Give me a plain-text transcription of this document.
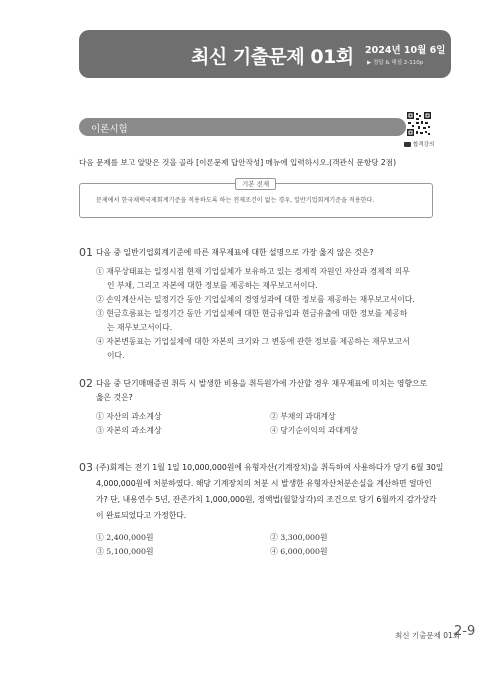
최신 기출문제 01회 2024년 10월 6일
▶ 정답 & 해설 2-110p
이론시험
합격강의
다음 문제를 보고 알맞은 것을 골라 [이론문제 답안작성] 메뉴에 입력하시오.(객관식 문항당 2점)
기본 전제
문제에서 한국채택국제회계기준을 적용하도록 하는 전제조건이 없는 경우, 일반기업회계기준을 적용한다.
01 다음 중 일반기업회계기준에 따른 재무제표에 대한 설명으로 가장 옳지 않은 것은?
① 재무상태표는 일정시점 현재 기업실체가 보유하고 있는 경제적 자원인 자산과 경제적 의무
인 부채, 그리고 자본에 대한 정보를 제공하는 재무보고서이다.
② 손익계산서는 일정기간 동안 기업실체의 경영성과에 대한 정보를 제공하는 재무보고서이다.
③ 현금흐름표는 일정기간 동안 기업실체에 대한 현금유입과 현금유출에 대한 정보를 제공하
는 재무보고서이다.
④ 자본변동표는 기업실체에 대한 자본의 크기와 그 변동에 관한 정보를 제공하는 재무보고서
이다.
02 다음 중 단기매매증권 취득 시 발생한 비용을 취득원가에 가산할 경우 재무제표에 미치는 영향으로
옳은 것은?
① 자산의 과소계상	② 부채의 과대계상
③ 자본의 과소계상	④ 당기순이익의 과대계상
03 (주)회계는 전기 1월 1일 10,000,000원에 유형자산(기계장치)을 취득하여 사용하다가 당기 6월 30일
4,000,000원에 처분하였다. 해당 기계장치의 처분 시 발생한 유형자산처분손실을 계산하면 얼마인
가? 단, 내용연수 5년, 잔존가치 1,000,000원, 정액법(월할상각)의 조건으로 당기 6월까지 감가상각
이 완료되었다고 가정한다.
① 2,400,000원	② 3,300,000원
③ 5,100,000원	④ 6,000,000원
최신 기출문제 01회
2-9
